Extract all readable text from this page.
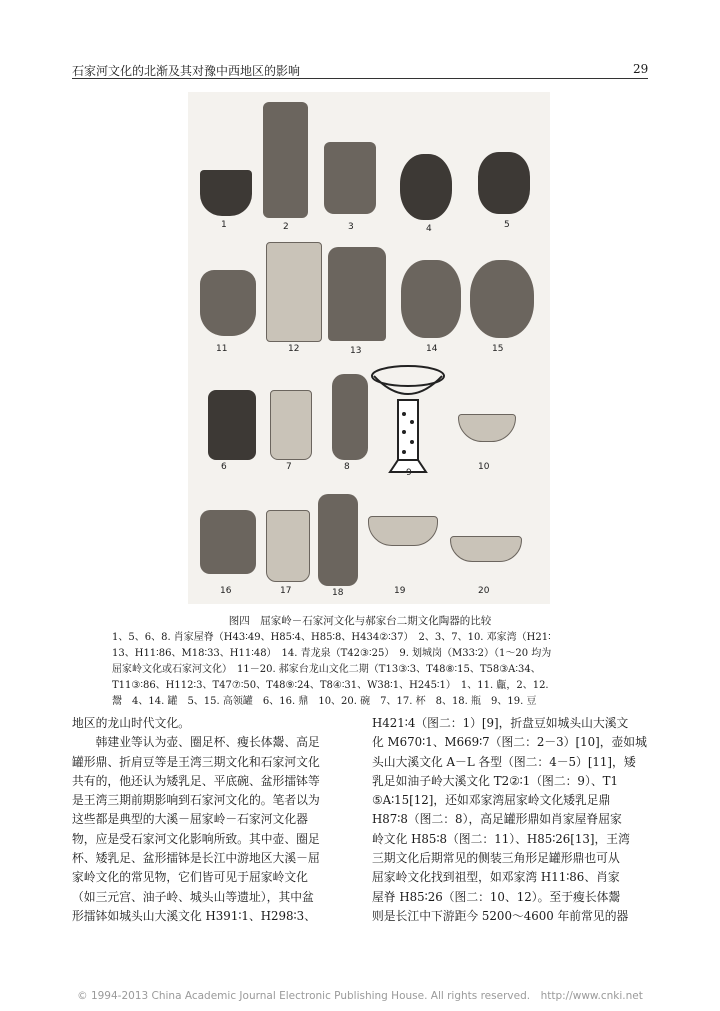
石家河文化的北渐及其对豫中西地区的影响	29
1	2	3	4	5
11	12	13	14	15
6	7	8
9
10
16	17	18	19	20
图四　屈家岭－石家河文化与郝家台二期文化陶器的比较
1、5、6、8. 肖家屋脊（H43∶49、H85∶4、H85∶8、H434②∶37）　2、3、7、10. 邓家湾（H21∶
13、H11∶86、M18∶33、H11∶48）　14. 青龙泉（T42③∶25）　9. 划城岗（M33∶2）（1～20 均为
屈家岭文化或石家河文化）　11－20. 郝家台龙山文化二期（T13③∶3、T48⑧∶15、T58③A∶34、
T11③∶86、H112∶3、T47⑦∶50、T48⑨∶24、T8④∶31、W38∶1、H245∶1）　1、11. 甗，2、12.
鬶　4、14. 罐　5、15. 高领罐　6、16. 鼎　10、20. 碗　7、17. 杯　8、18. 瓶　9、19. 豆

地区的龙山时代文化。

　　韩建业等认为壶、圈足杯、瘦长体鬶、高足

罐形鼎、折肩豆等是王湾三期文化和石家河文化

共有的，他还认为矮乳足、平底碗、盆形擂钵等

是王湾三期前期影响到石家河文化的。笔者以为

这些都是典型的大溪－屈家岭－石家河文化器

物，应是受石家河文化影响所致。其中壶、圈足

杯、矮乳足、盆形擂钵是长江中游地区大溪－屈

家岭文化的常见物，它们皆可见于屈家岭文化

（如三元宫、油子岭、城头山等遗址），其中盆

形擂钵如城头山大溪文化 H391∶1、H298∶3、

H421∶4（图二：1）[9]，折盘豆如城头山大溪文

化 M670∶1、M669∶7（图二：2－3）[10]，壶如城

头山大溪文化 A－L 各型（图二：4－5）[11]，矮

乳足如油子岭大溪文化 T2②∶1（图二：9）、T1

⑤A∶15[12]，还如邓家湾屈家岭文化矮乳足鼎

H87∶8（图二：8），高足罐形鼎如肖家屋脊屈家

岭文化 H85∶8（图二：11）、H85∶26[13]，王湾

三期文化后期常见的侧装三角形足罐形鼎也可从

屈家岭文化找到祖型，如邓家湾 H11∶86、肖家

屋脊 H85∶26（图二：10、12）。至于瘦长体鬶

则是长江中下游距今 5200～4600 年前常见的器

© 1994-2013 China Academic Journal Electronic Publishing House. All rights reserved.　http://www.cnki.net
